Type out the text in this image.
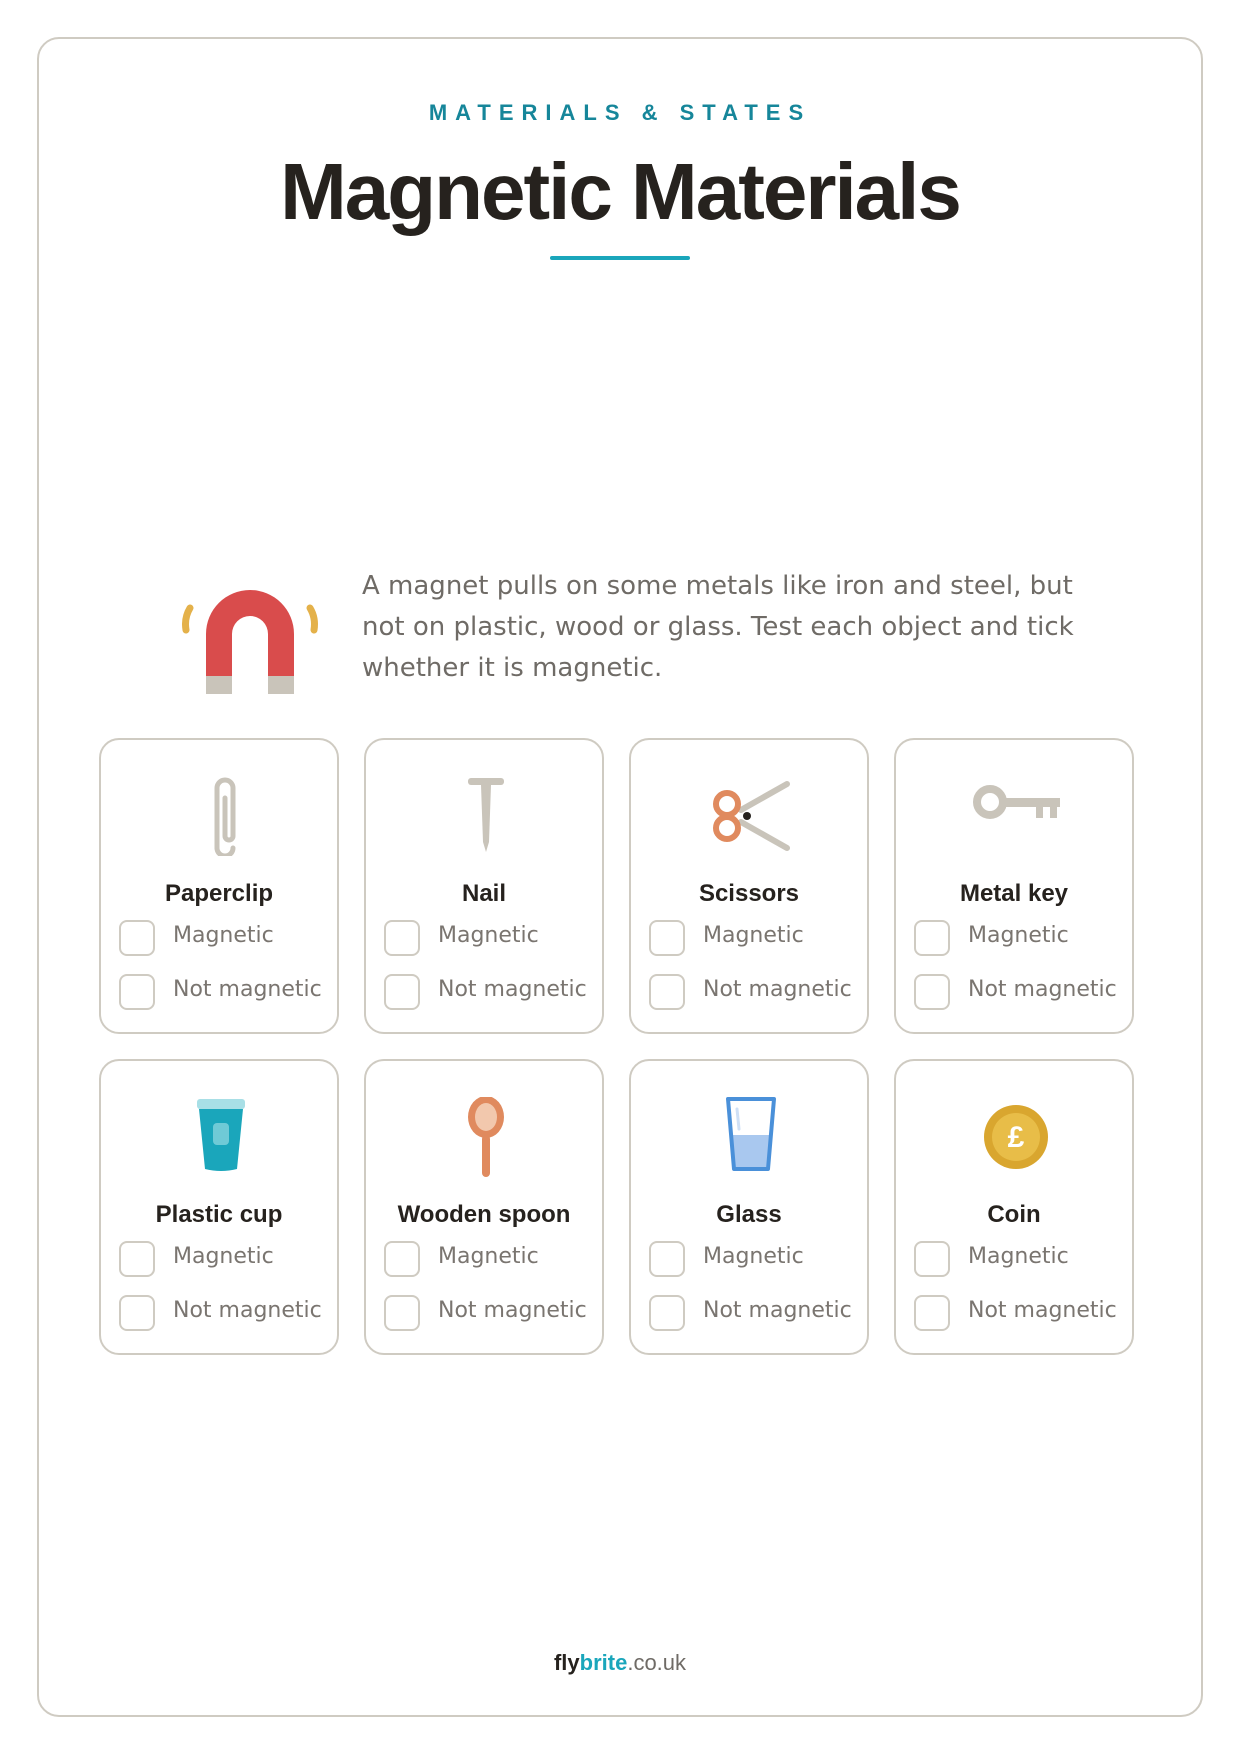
MATERIALS & STATES
Magnetic Materials
A magnet pulls on some metals like iron and steel, but not on plastic, wood or glass. Test each object and tick whether it is magnetic.
Paperclip
Magnetic
Not magnetic
Nail
Magnetic
Not magnetic
Scissors
Magnetic
Not magnetic
Metal key
Magnetic
Not magnetic
Plastic cup
Magnetic
Not magnetic
Wooden spoon
Magnetic
Not magnetic
Glass
Magnetic
Not magnetic
£
Coin
Magnetic
Not magnetic
flybrite.co.uk
